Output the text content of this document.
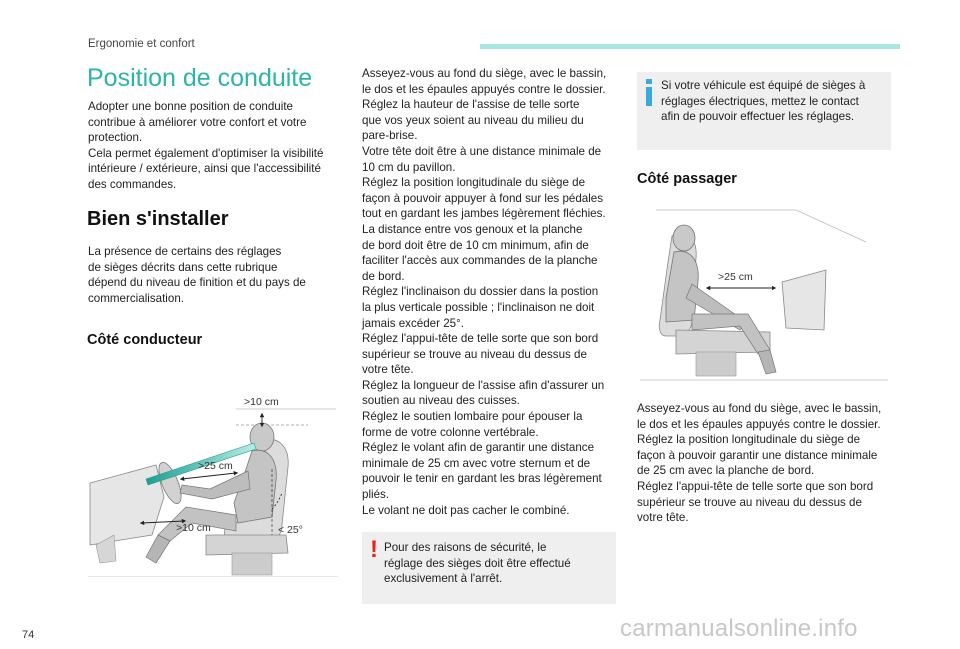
Ergonomie et confort
Position de conduite
Adopter une bonne position de conduite
contribue à améliorer votre confort et votre
protection.
Cela permet également d'optimiser la visibilité
intérieure / extérieure, ainsi que l'accessibilité
des commandes.
Bien s'installer
La présence de certains des réglages
de sièges décrits dans cette rubrique
dépend du niveau de finition et du pays de
commercialisation.
Côté conducteur
>10 cm
>25 cm
>10 cm	< 25°
Asseyez-vous au fond du siège, avec le bassin,
le dos et les épaules appuyés contre le dossier.
Réglez la hauteur de l'assise de telle sorte
que vos yeux soient au niveau du milieu du
pare-brise.
Votre tête doit être à une distance minimale de
10 cm du pavillon.
Réglez la position longitudinale du siège de
façon à pouvoir appuyer à fond sur les pédales
tout en gardant les jambes légèrement fléchies.
La distance entre vos genoux et la planche
de bord doit être de 10 cm minimum, afin de
faciliter l'accès aux commandes de la planche
de bord.
Réglez l'inclinaison du dossier dans la postion
la plus verticale possible ; l'inclinaison ne doit
jamais excéder 25°.
Réglez l'appui-tête de telle sorte que son bord
supérieur se trouve au niveau du dessus de
votre tête.
Réglez la longueur de l'assise afin d'assurer un
soutien au niveau des cuisses.
Réglez le soutien lombaire pour épouser la
forme de votre colonne vertébrale.
Réglez le volant afin de garantir une distance
minimale de 25 cm avec votre sternum et de
pouvoir le tenir en gardant les bras légèrement
pliés.
Le volant ne doit pas cacher le combiné.
! Pour des raisons de sécurité, le
réglage des sièges doit être effectué
exclusivement à l'arrêt.
Si votre véhicule est équipé de sièges à
réglages électriques, mettez le contact
afin de pouvoir effectuer les réglages.
Côté passager
>25 cm
Asseyez-vous au fond du siège, avec le bassin,
le dos et les épaules appuyés contre le dossier.
Réglez la position longitudinale du siège de
façon à pouvoir garantir une distance minimale
de 25 cm avec la planche de bord.
Réglez l'appui-tête de telle sorte que son bord
supérieur se trouve au niveau du dessus de
votre tête.
74	carmanualsonline.info
